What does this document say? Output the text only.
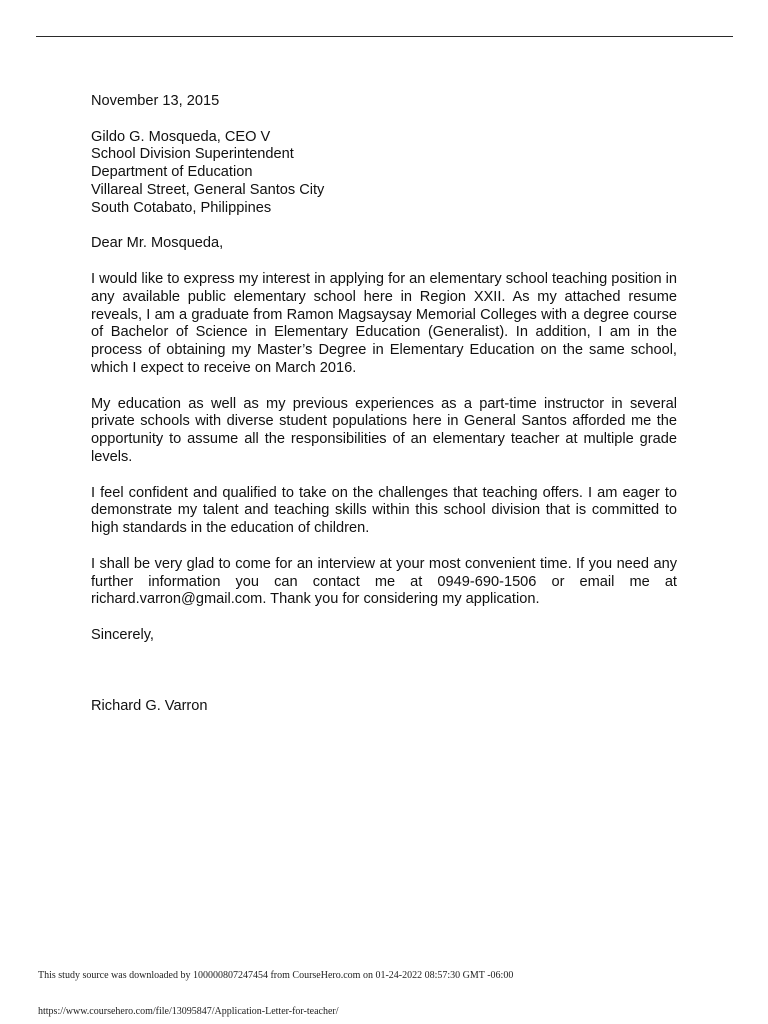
November 13, 2015

Gildo G. Mosqueda, CEO V
School Division Superintendent
Department of Education
Villareal Street, General Santos City
South Cotabato, Philippines

Dear Mr. Mosqueda,

I would like to express my interest in applying for an elementary school teaching position in any available public elementary school here in Region XXII. As my attached resume reveals, I am a graduate from Ramon Magsaysay Memorial Colleges with a degree course of Bachelor of Science in Elementary Education (Generalist). In addition, I am in the process of obtaining my Master’s Degree in Elementary Education on the same school, which I expect to receive on March 2016.

My education as well as my previous experiences as a part-time instructor in several private schools with diverse student populations here in General Santos afforded me the opportunity to assume all the responsibilities of an elementary teacher at multiple grade levels.

I feel confident and qualified to take on the challenges that teaching offers. I am eager to demonstrate my talent and teaching skills within this school division that is committed to high standards in the education of children.

I shall be very glad to come for an interview at your most convenient time. If you need any further information you can contact me at 0949-690-1506 or email me at richard.varron@gmail.com. Thank you for considering my application.

Sincerely,

Richard G. Varron

This study source was downloaded by 100000807247454 from CourseHero.com on 01-24-2022 08:57:30 GMT -06:00
https://www.coursehero.com/file/13095847/Application-Letter-for-teacher/
